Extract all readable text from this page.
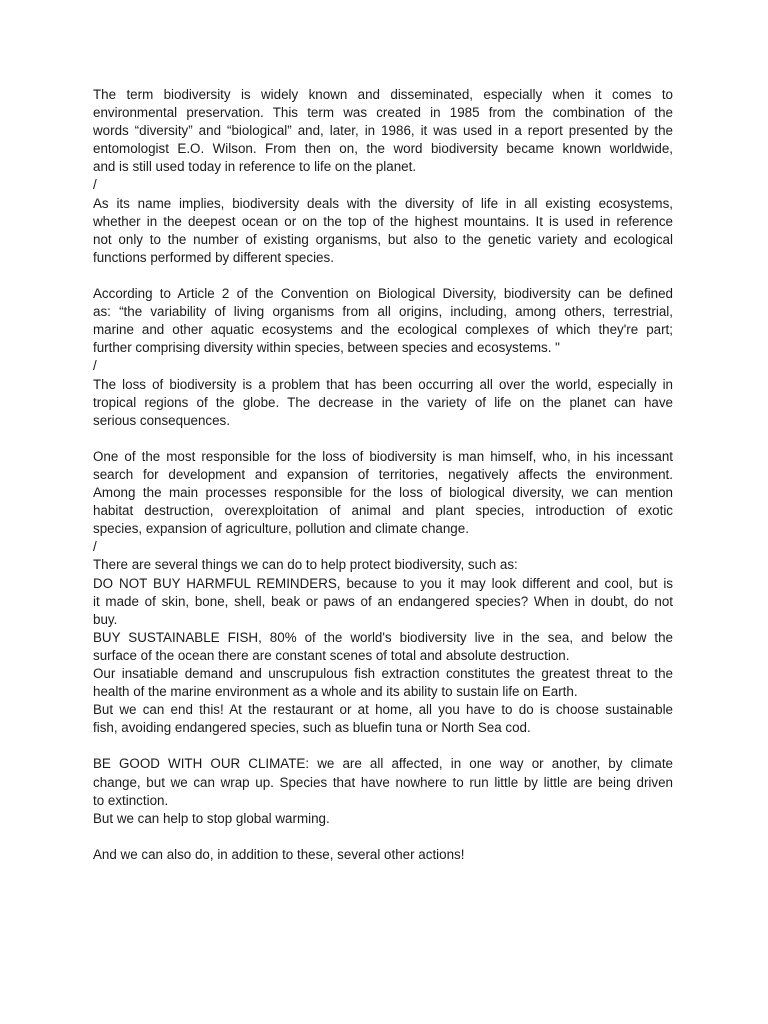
The term biodiversity is widely known and disseminated, especially when it comes to
environmental preservation. This term was created in 1985 from the combination of the
words “diversity” and “biological” and, later, in 1986, it was used in a report presented by the
entomologist E.O. Wilson. From then on, the word biodiversity became known worldwide,
and is still used today in reference to life on the planet.
/
As its name implies, biodiversity deals with the diversity of life in all existing ecosystems,
whether in the deepest ocean or on the top of the highest mountains. It is used in reference
not only to the number of existing organisms, but also to the genetic variety and ecological
functions performed by different species.
According to Article 2 of the Convention on Biological Diversity, biodiversity can be defined
as: “the variability of living organisms from all origins, including, among others, terrestrial,
marine and other aquatic ecosystems and the ecological complexes of which they're part;
further comprising diversity within species, between species and ecosystems. "
/
The loss of biodiversity is a problem that has been occurring all over the world, especially in
tropical regions of the globe. The decrease in the variety of life on the planet can have
serious consequences.
One of the most responsible for the loss of biodiversity is man himself, who, in his incessant
search for development and expansion of territories, negatively affects the environment.
Among the main processes responsible for the loss of biological diversity, we can mention
habitat destruction, overexploitation of animal and plant species, introduction of exotic
species, expansion of agriculture, pollution and climate change.
/
There are several things we can do to help protect biodiversity, such as:
DO NOT BUY HARMFUL REMINDERS, because to you it may look different and cool, but is
it made of skin, bone, shell, beak or paws of an endangered species? When in doubt, do not
buy.
BUY SUSTAINABLE FISH, 80% of the world's biodiversity live in the sea, and below the
surface of the ocean there are constant scenes of total and absolute destruction.
Our insatiable demand and unscrupulous fish extraction constitutes the greatest threat to the
health of the marine environment as a whole and its ability to sustain life on Earth.
But we can end this! At the restaurant or at home, all you have to do is choose sustainable
fish, avoiding endangered species, such as bluefin tuna or North Sea cod.
BE GOOD WITH OUR CLIMATE: we are all affected, in one way or another, by climate
change, but we can wrap up. Species that have nowhere to run little by little are being driven
to extinction.
But we can help to stop global warming.
And we can also do, in addition to these, several other actions!
